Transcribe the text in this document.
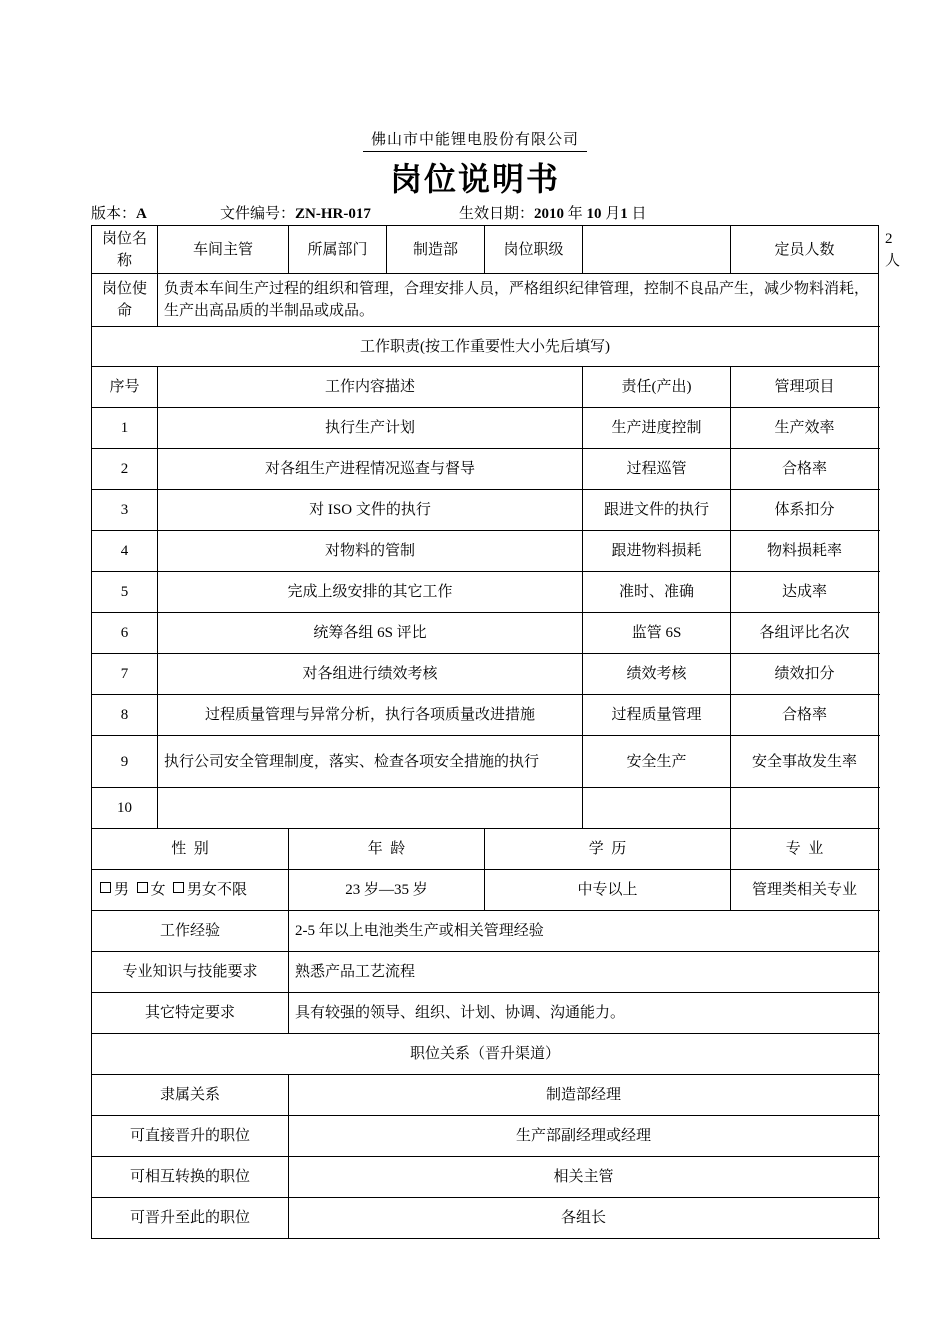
佛山市中能锂电股份有限公司
岗位说明书
版本：A	文件编号：ZN-HR-017	生效日期：2010 年 10 月1 日
岗位名称	车间主管	所属部门	制造部	岗位职级		定员人数	2 人
岗位使命	负责本车间生产过程的组织和管理，合理安排人员，严格组织纪律管理，控制不良品产生，减少物料消耗，生产出高品质的半制品或成品。						
工作职责(按工作重要性大小先后填写)							
序号	工作内容描述				责任(产出)	管理项目	
1	执行生产计划				生产进度控制	生产效率	
2	对各组生产进程情况巡查与督导				过程巡管	合格率	
3	对 ISO 文件的执行				跟进文件的执行	体系扣分	
4	对物料的管制				跟进物料损耗	物料损耗率	
5	完成上级安排的其它工作				准时、准确	达成率	
6	统筹各组 6S 评比				监管 6S	各组评比名次	
7	对各组进行绩效考核				绩效考核	绩效扣分	
8	过程质量管理与异常分析，执行各项质量改进措施				过程质量管理	合格率	
9	执行公司安全管理制度，落实、检查各项安全措施的执行				安全生产	安全事故发生率	
10							
性  别		年  龄		学  历		专  业	
男 女 男女不限		23 岁—35 岁		中专以上		管理类相关专业	
工作经验		2-5 年以上电池类生产或相关管理经验					
专业知识与技能要求		熟悉产品工艺流程					
其它特定要求		具有较强的领导、组织、计划、协调、沟通能力。					
职位关系（晋升渠道）							
隶属关系		制造部经理					
可直接晋升的职位		生产部副经理或经理					
可相互转换的职位		相关主管					
可晋升至此的职位		各组长					
